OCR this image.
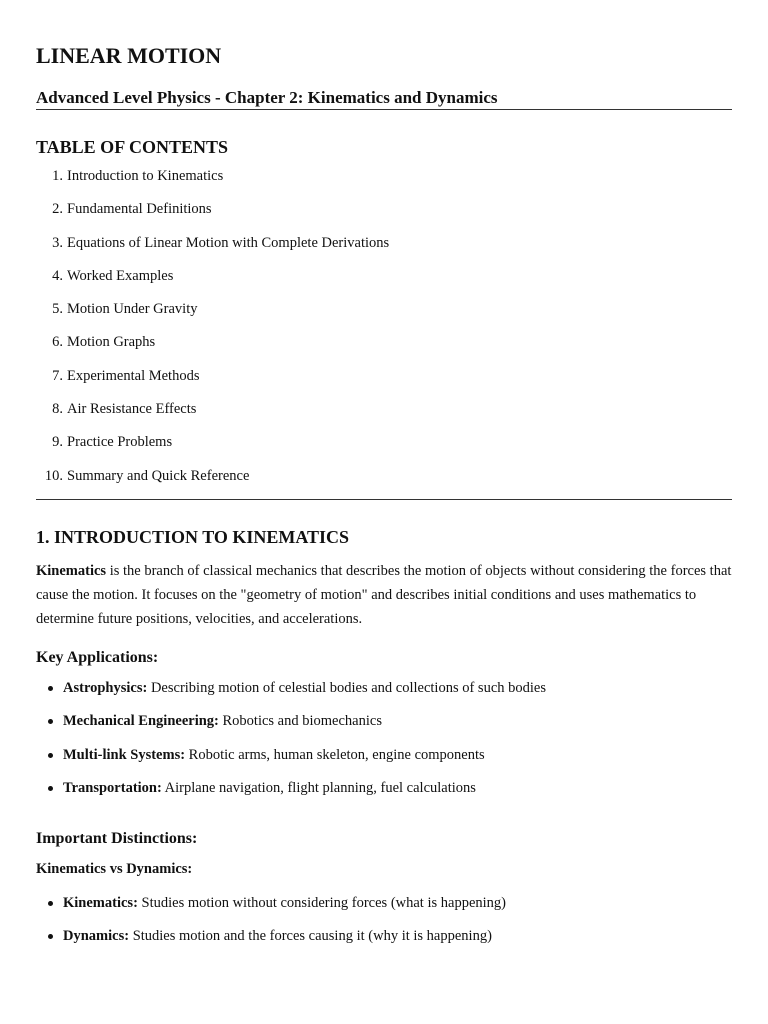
LINEAR MOTION
Advanced Level Physics - Chapter 2: Kinematics and Dynamics
TABLE OF CONTENTS
1. Introduction to Kinematics
2. Fundamental Definitions
3. Equations of Linear Motion with Complete Derivations
4. Worked Examples
5. Motion Under Gravity
6. Motion Graphs
7. Experimental Methods
8. Air Resistance Effects
9. Practice Problems
10. Summary and Quick Reference
1. INTRODUCTION TO KINEMATICS

Kinematics is the branch of classical mechanics that describes the motion of objects without considering the forces that cause the motion. It focuses on the "geometry of motion" and describes initial conditions and uses mathematics to determine future positions, velocities, and accelerations.

Key Applications:
Astrophysics: Describing motion of celestial bodies and collections of such bodies
Mechanical Engineering: Robotics and biomechanics
Multi-link Systems: Robotic arms, human skeleton, engine components
Transportation: Airplane navigation, flight planning, fuel calculations
Important Distinctions:
Kinematics vs Dynamics:
Kinematics: Studies motion without considering forces (what is happening)
Dynamics: Studies motion and the forces causing it (why it is happening)
